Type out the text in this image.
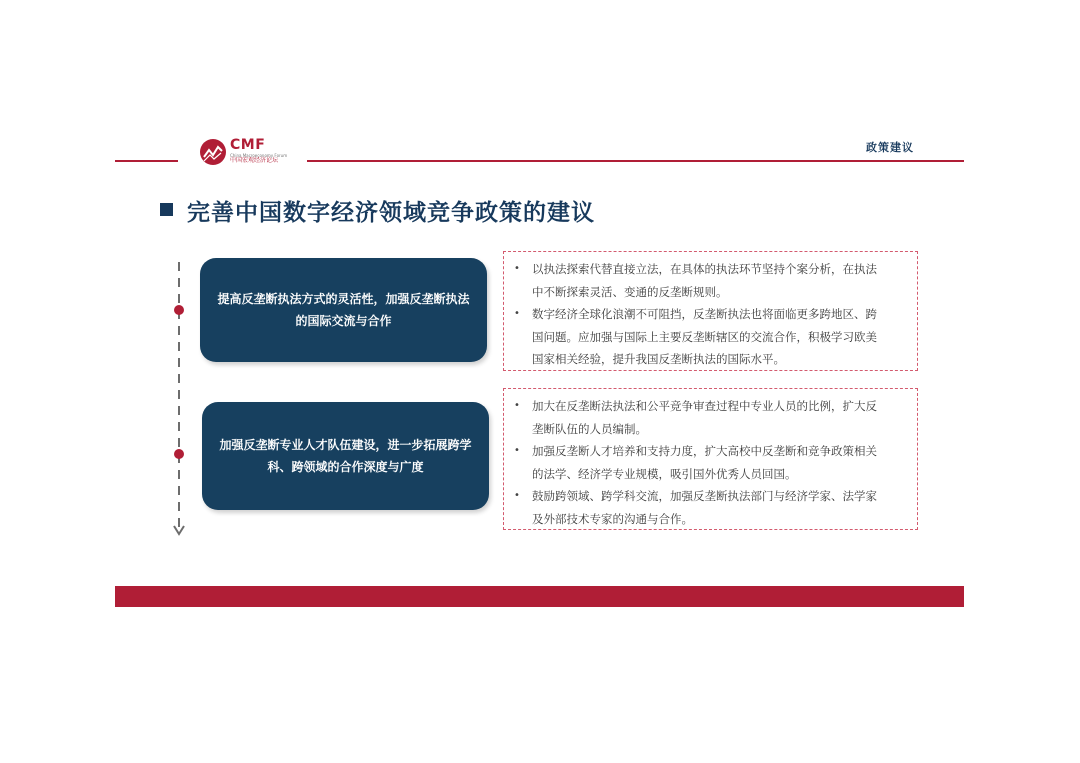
CMF
China Macroeconomy Forum
中国宏观经济论坛
政策建议
完善中国数字经济领域竞争政策的建议
提高反垄断执法方式的灵活性，加强反垄断执法
的国际交流与合作
• 以执法探索代替直接立法，在具体的执法环节坚持个案分析，在执法
中不断探索灵活、变通的反垄断规则。
• 数字经济全球化浪潮不可阻挡，反垄断执法也将面临更多跨地区、跨
国问题。应加强与国际上主要反垄断辖区的交流合作，积极学习欧美
国家相关经验，提升我国反垄断执法的国际水平。
加强反垄断专业人才队伍建设，进一步拓展跨学
科、跨领域的合作深度与广度
• 加大在反垄断法执法和公平竞争审查过程中专业人员的比例，扩大反
垄断队伍的人员编制。
• 加强反垄断人才培养和支持力度，扩大高校中反垄断和竞争政策相关
的法学、经济学专业规模，吸引国外优秀人员回国。
• 鼓励跨领域、跨学科交流，加强反垄断执法部门与经济学家、法学家
及外部技术专家的沟通与合作。
